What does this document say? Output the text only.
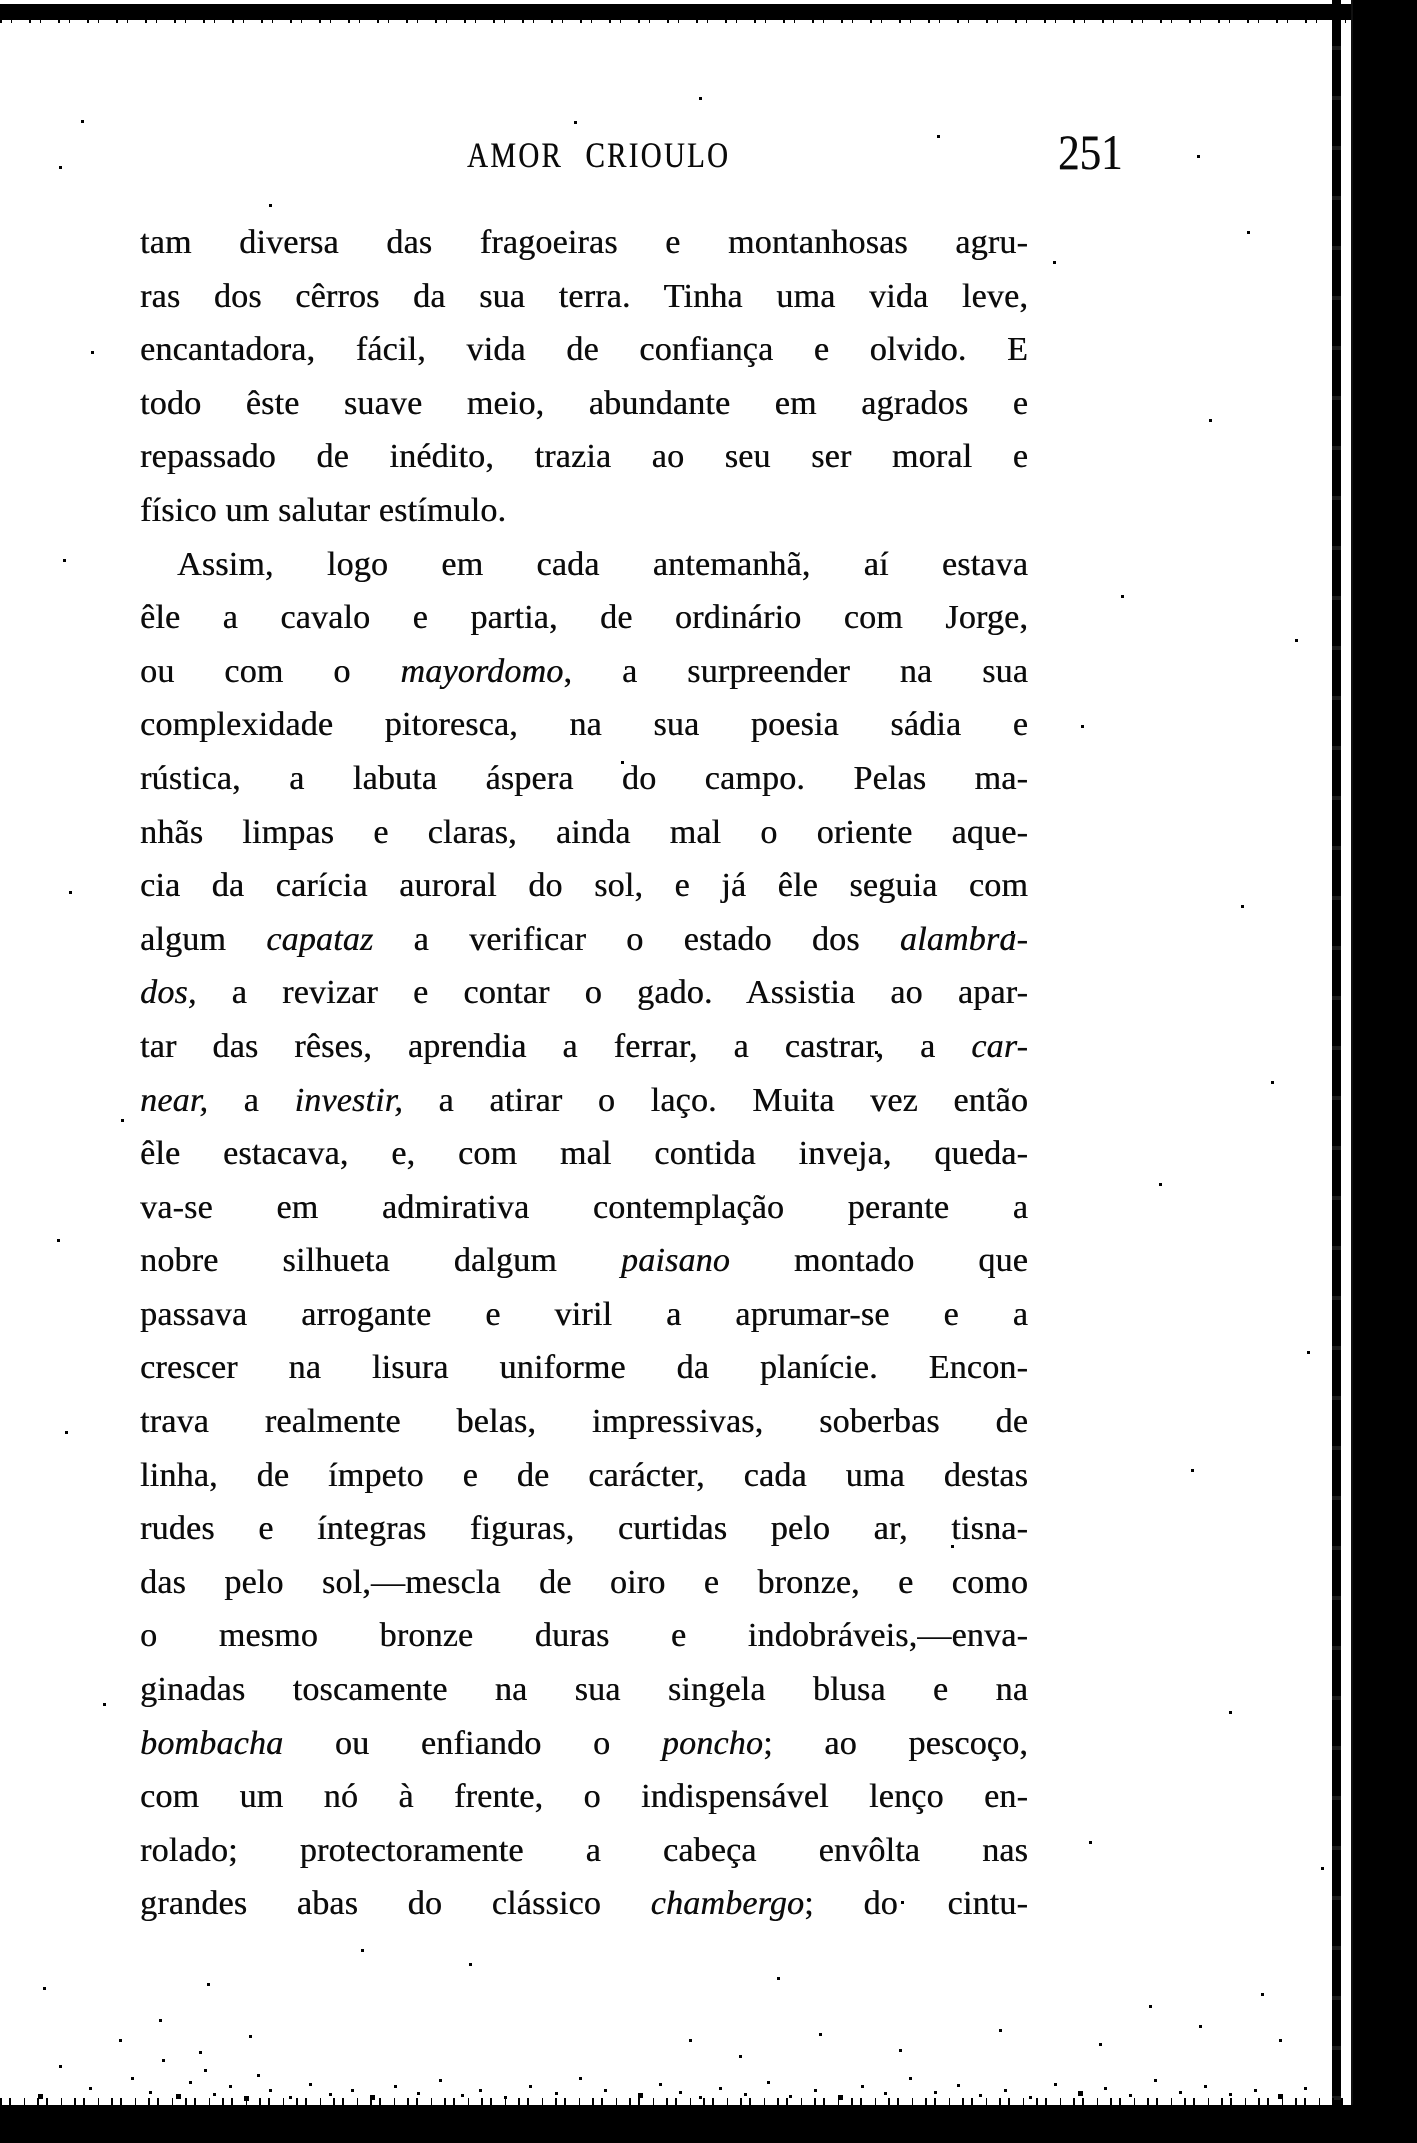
AMOR CRIOULO	251
tam diversa das fragoeiras e montanhosas agru-
ras dos cêrros da sua terra. Tinha uma vida leve,
encantadora, fácil, vida de confiança e olvido. E
todo êste suave meio, abundante em agrados e
repassado de inédito, trazia ao seu ser moral e
físico um salutar estímulo.
Assim, logo em cada antemanhã, aí estava
êle a cavalo e partia, de ordinário com Jorge,
ou com o mayordomo, a surpreender na sua
complexidade pitoresca, na sua poesia sádia e
rústica, a labuta áspera do campo. Pelas ma-
nhãs limpas e claras, ainda mal o oriente aque-
cia da carícia auroral do sol, e já êle seguia com
algum capataz a verificar o estado dos alambra-
dos, a revizar e contar o gado. Assistia ao apar-
tar das rêses, aprendia a ferrar, a castrar, a car-
near, a investir, a atirar o laço. Muita vez então
êle estacava, e, com mal contida inveja, queda-
va-se em admirativa contemplação perante a
nobre silhueta dalgum paisano montado que
passava arrogante e viril a aprumar-se e a
crescer na lisura uniforme da planície. Encon-
trava realmente belas, impressivas, soberbas de
linha, de ímpeto e de carácter, cada uma destas
rudes e íntegras figuras, curtidas pelo ar, tisna-
das pelo sol,—mescla de oiro e bronze, e como
o mesmo bronze duras e indobráveis,—enva-
ginadas toscamente na sua singela blusa e na
bombacha ou enfiando o poncho; ao pescoço,
com um nó à frente, o indispensável lenço en-
rolado; protectoramente a cabeça envôlta nas
grandes abas do clássico chambergo; do cintu-
